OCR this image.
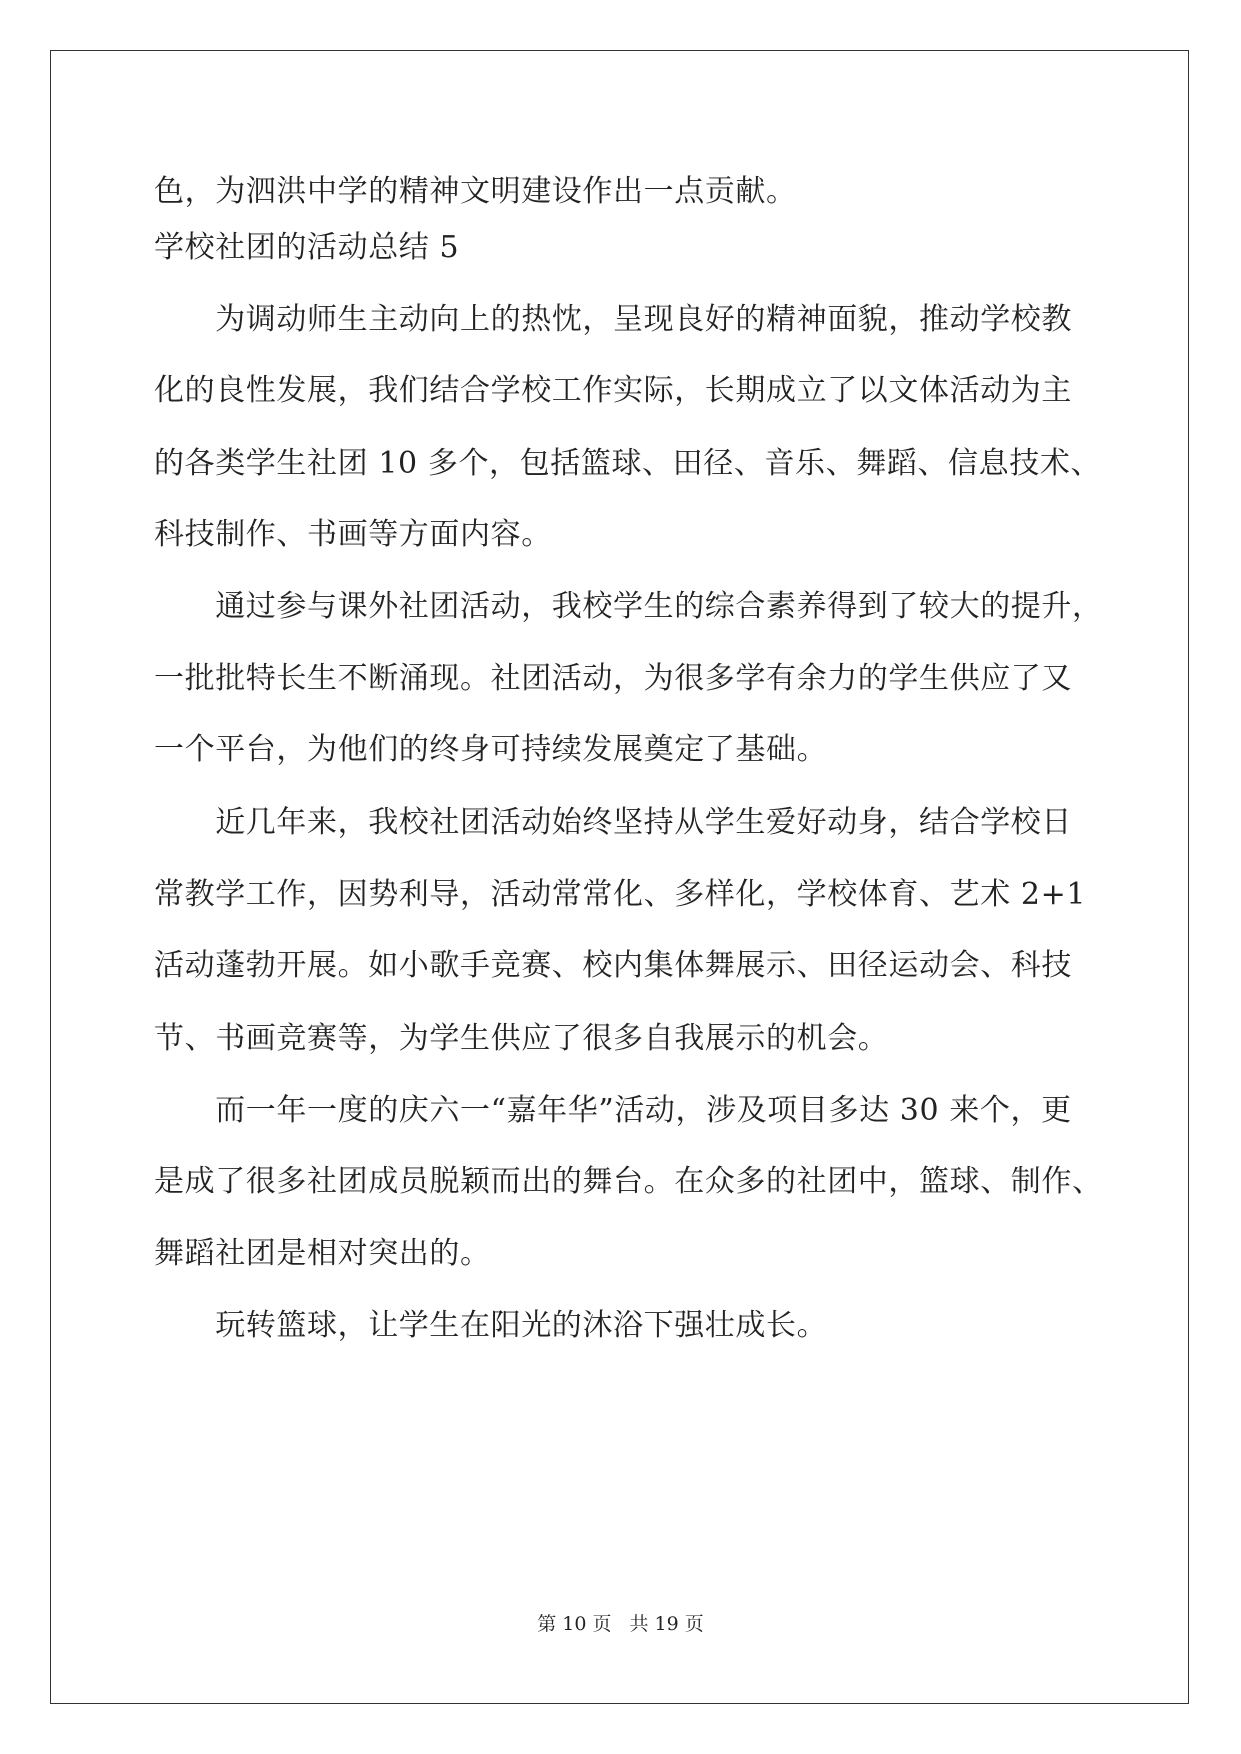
色，为泗洪中学的精神文明建设作出一点贡献。
学校社团的活动总结 5
　　为调动师生主动向上的热忱，呈现良好的精神面貌，推动学校教
化的良性发展，我们结合学校工作实际，长期成立了以文体活动为主
的各类学生社团 10 多个，包括篮球、田径、音乐、舞蹈、信息技术、
科技制作、书画等方面内容。
　　通过参与课外社团活动，我校学生的综合素养得到了较大的提升，
一批批特长生不断涌现。社团活动，为很多学有余力的学生供应了又
一个平台，为他们的终身可持续发展奠定了基础。
　　近几年来，我校社团活动始终坚持从学生爱好动身，结合学校日
常教学工作，因势利导，活动常常化、多样化，学校体育、艺术 2+1
活动蓬勃开展。如小歌手竞赛、校内集体舞展示、田径运动会、科技
节、书画竞赛等，为学生供应了很多自我展示的机会。
　　而一年一度的庆六一“嘉年华”活动，涉及项目多达 30 来个，更
是成了很多社团成员脱颖而出的舞台。在众多的社团中，篮球、制作、
舞蹈社团是相对突出的。
　　玩转篮球，让学生在阳光的沐浴下强壮成长。
第 10 页 共 19 页
